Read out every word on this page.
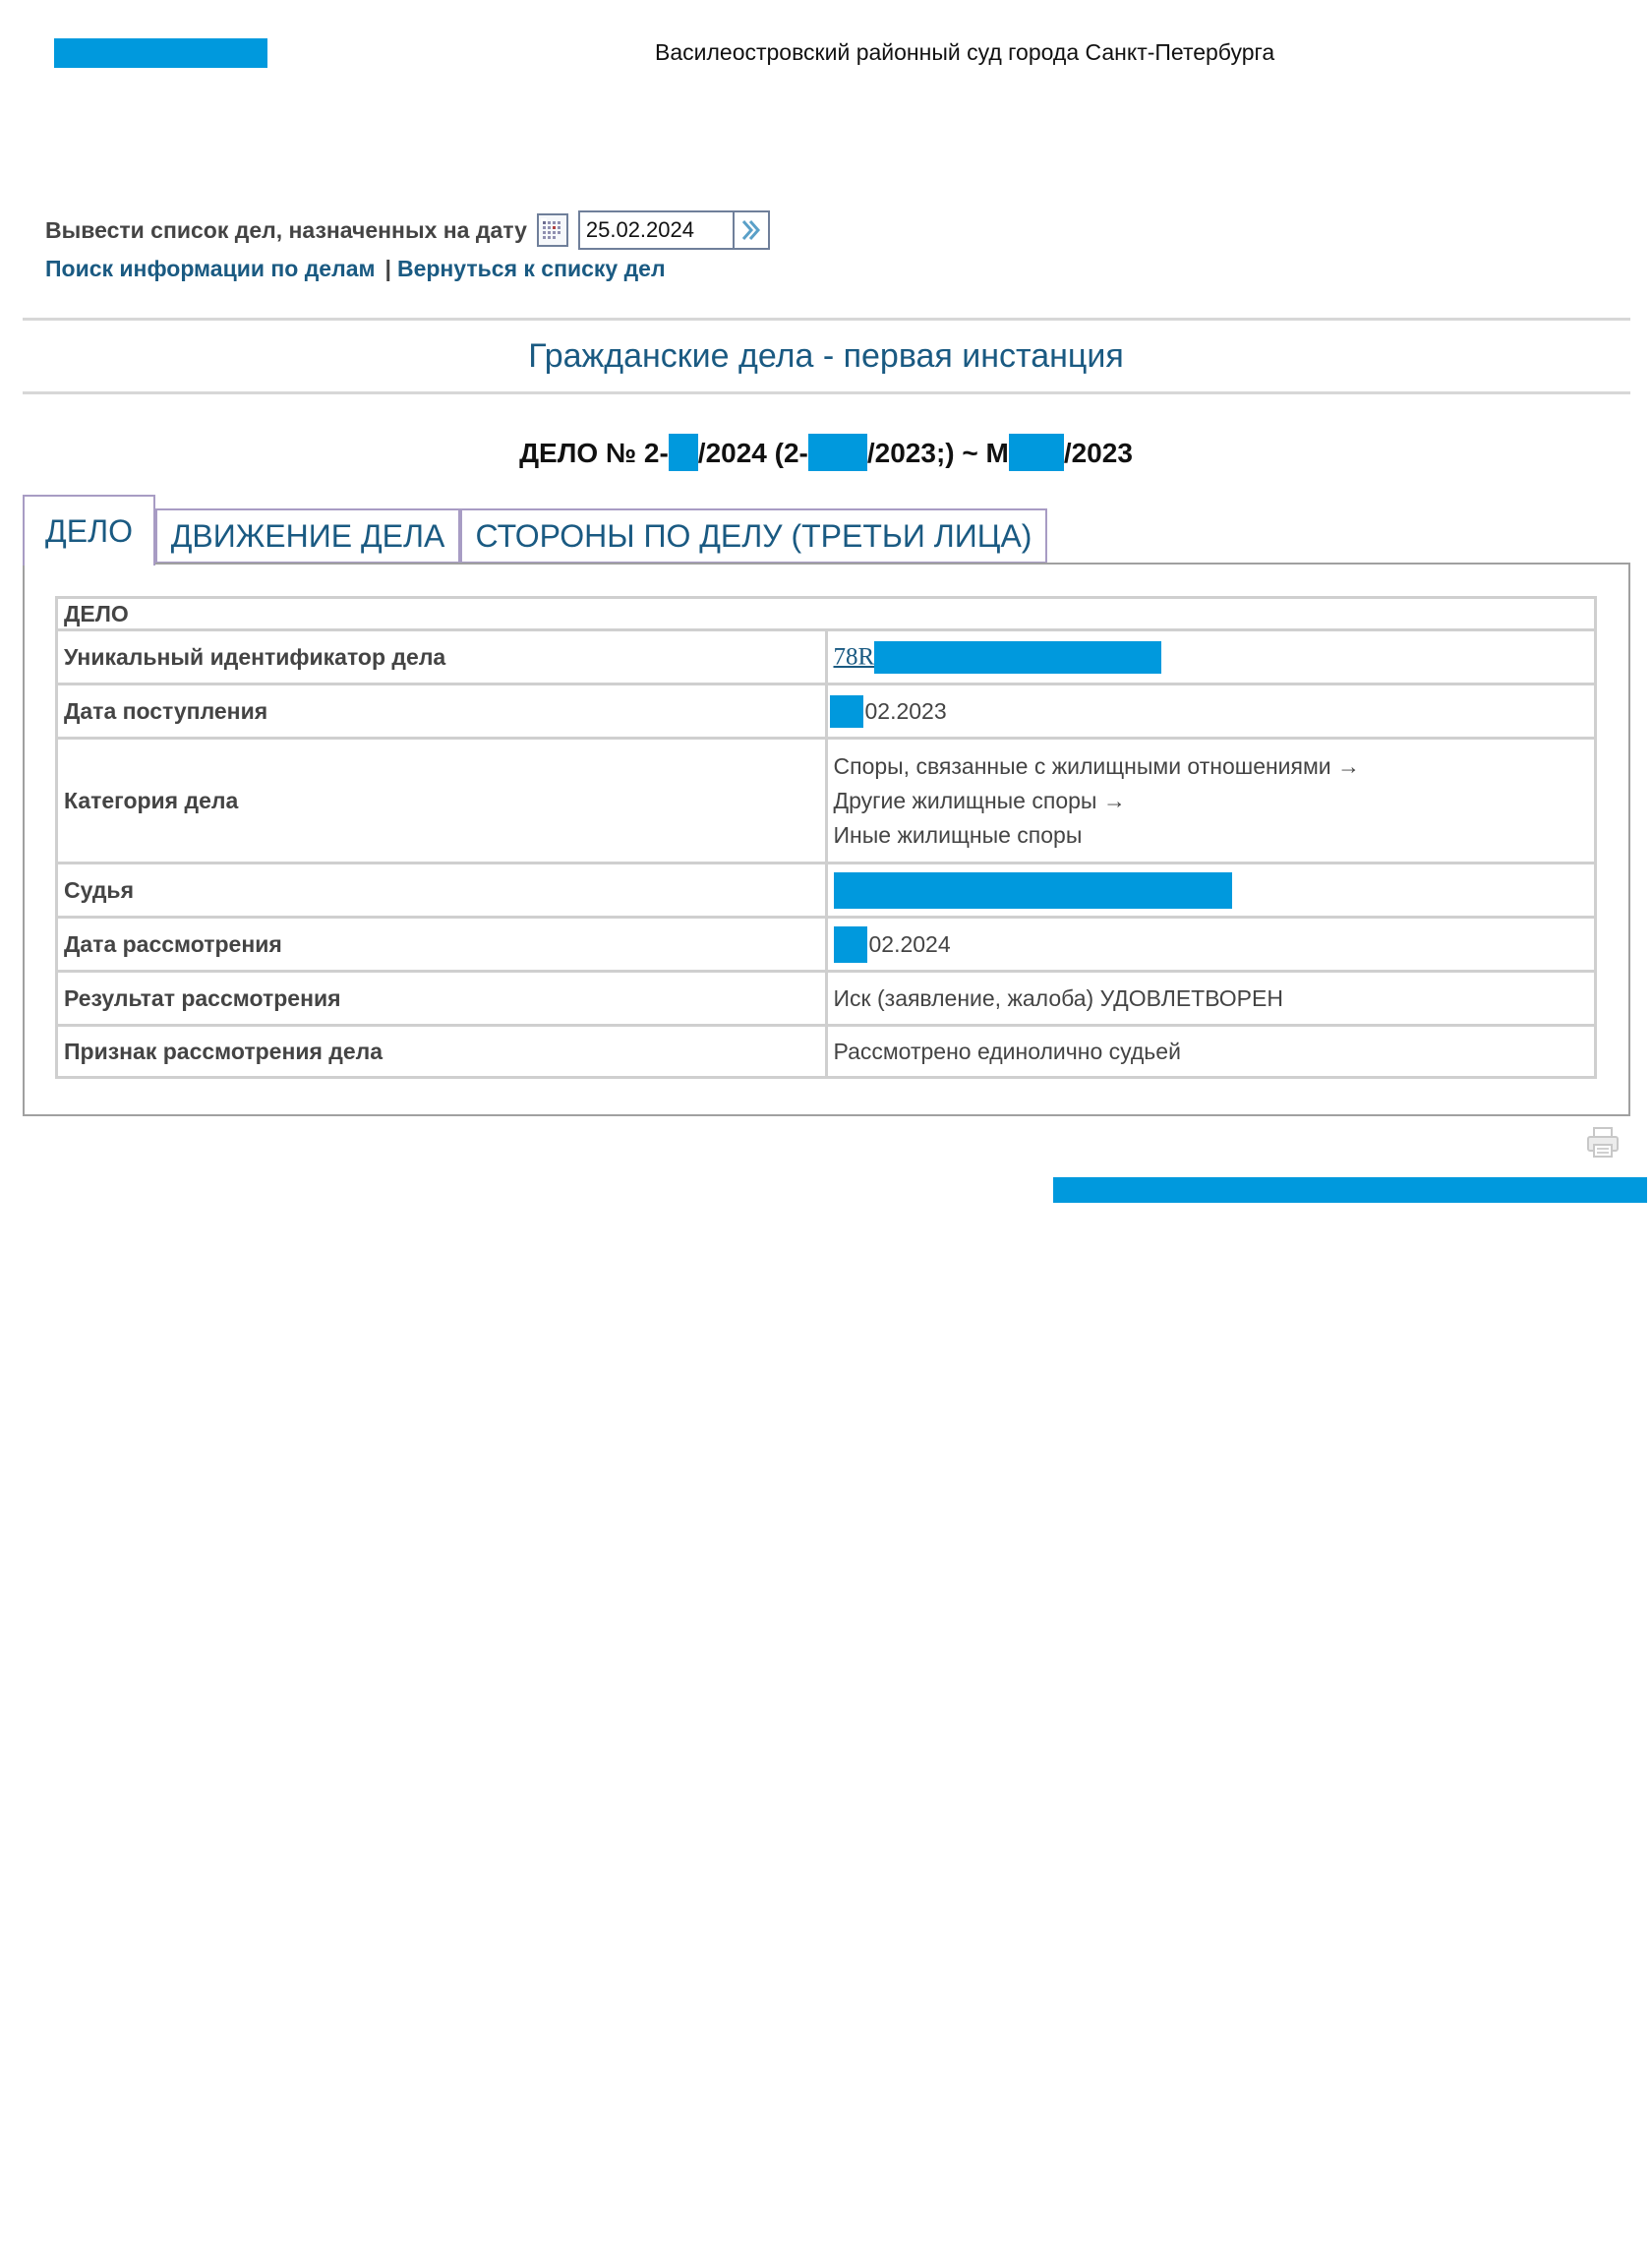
Василеостровский районный суд города Санкт-Петербурга
Вывести список дел, назначенных на дату
25.02.2024
Поиск информации по делам | Вернуться к списку дел
Гражданские дела - первая инстанция
ДЕЛО № 2- /2024 (2- /2023;) ~ М /2023
ДЕЛО	ДВИЖЕНИЕ ДЕЛА СТОРОНЫ ПО ДЕЛУ (ТРЕТЬИ ЛИЦА)
ДЕЛО	
Уникальный идентификатор дела	78R
Дата поступления	02.2023
Категория дела	Споры, связанные с жилищными отношениями →
Другие жилищные споры →
Иные жилищные споры

Судья	
Дата рассмотрения	02.2024
Результат рассмотрения	Иск (заявление, жалоба) УДОВЛЕТВОРЕН
Признак рассмотрения дела	Рассмотрено единолично судьей
